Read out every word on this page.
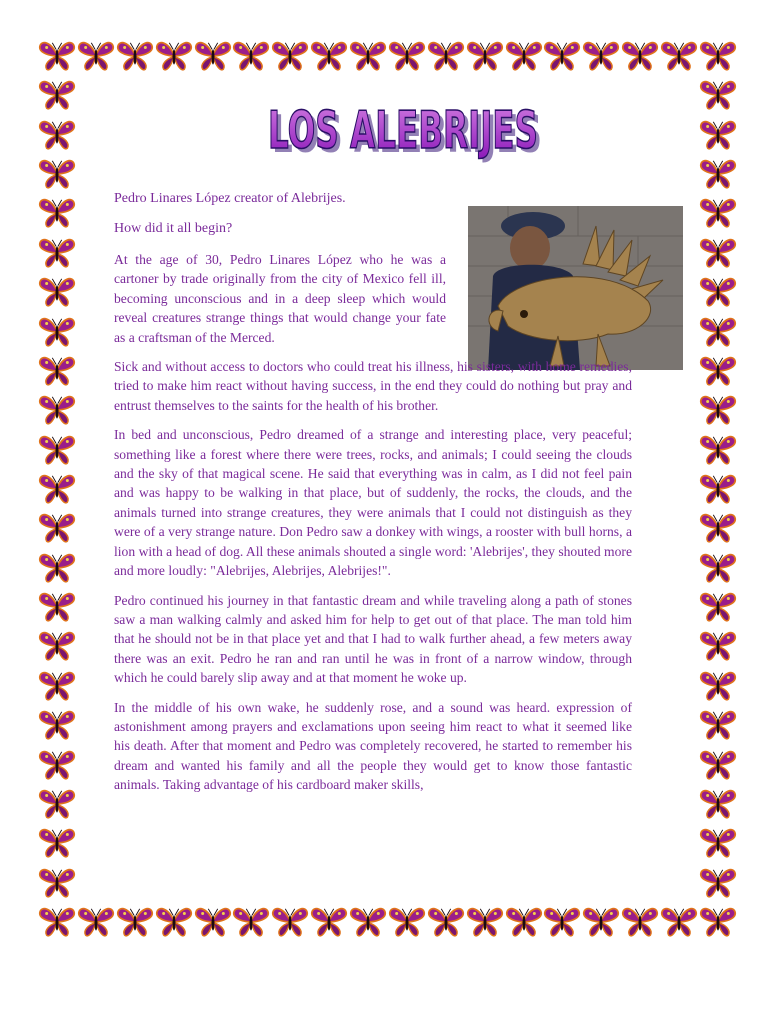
LOS ALEBRIJES
LOS ALEBRIJES

Pedro Linares López creator of Alebrijes.

How did it all begin?

At the age of 30, Pedro Linares López who he was a cartoner by trade originally from the city of Mexico fell ill, becoming unconscious and in a deep sleep which would reveal creatures strange things that would change your fate as a craftsman of the Merced.

Sick and without access to doctors who could treat his illness, his sisters, with home remedies, tried to make him react without having success, in the end they could do nothing but pray and entrust themselves to the saints for the health of his brother.

In bed and unconscious, Pedro dreamed of a strange and interesting place, very peaceful; something like a forest where there were trees, rocks, and animals; I could seeing the clouds and the sky of that magical scene. He said that everything was in calm, as I did not feel pain and was happy to be walking in that place, but of suddenly, the rocks, the clouds, and the animals turned into strange creatures, they were animals that I could not distinguish as they were of a very strange nature. Don Pedro saw a donkey with wings, a rooster with bull horns, a lion with a head of dog. All these animals shouted a single word: 'Alebrijes', they shouted more and more loudly: "Alebrijes, Alebrijes, Alebrijes!".

Pedro continued his journey in that fantastic dream and while traveling along a path of stones saw a man walking calmly and asked him for help to get out of that place. The man told him that he should not be in that place yet and that I had to walk further ahead, a few meters away there was an exit. Pedro he ran and ran until he was in front of a narrow window, through which he could barely slip away and at that moment he woke up.

In the middle of his own wake, he suddenly rose, and a sound was heard. expression of astonishment among prayers and exclamations upon seeing him react to what it seemed like his death. After that moment and Pedro was completely recovered, he started to remember his dream and wanted his family and all the people they would get to know those fantastic animals. Taking advantage of his cardboard maker skills,
